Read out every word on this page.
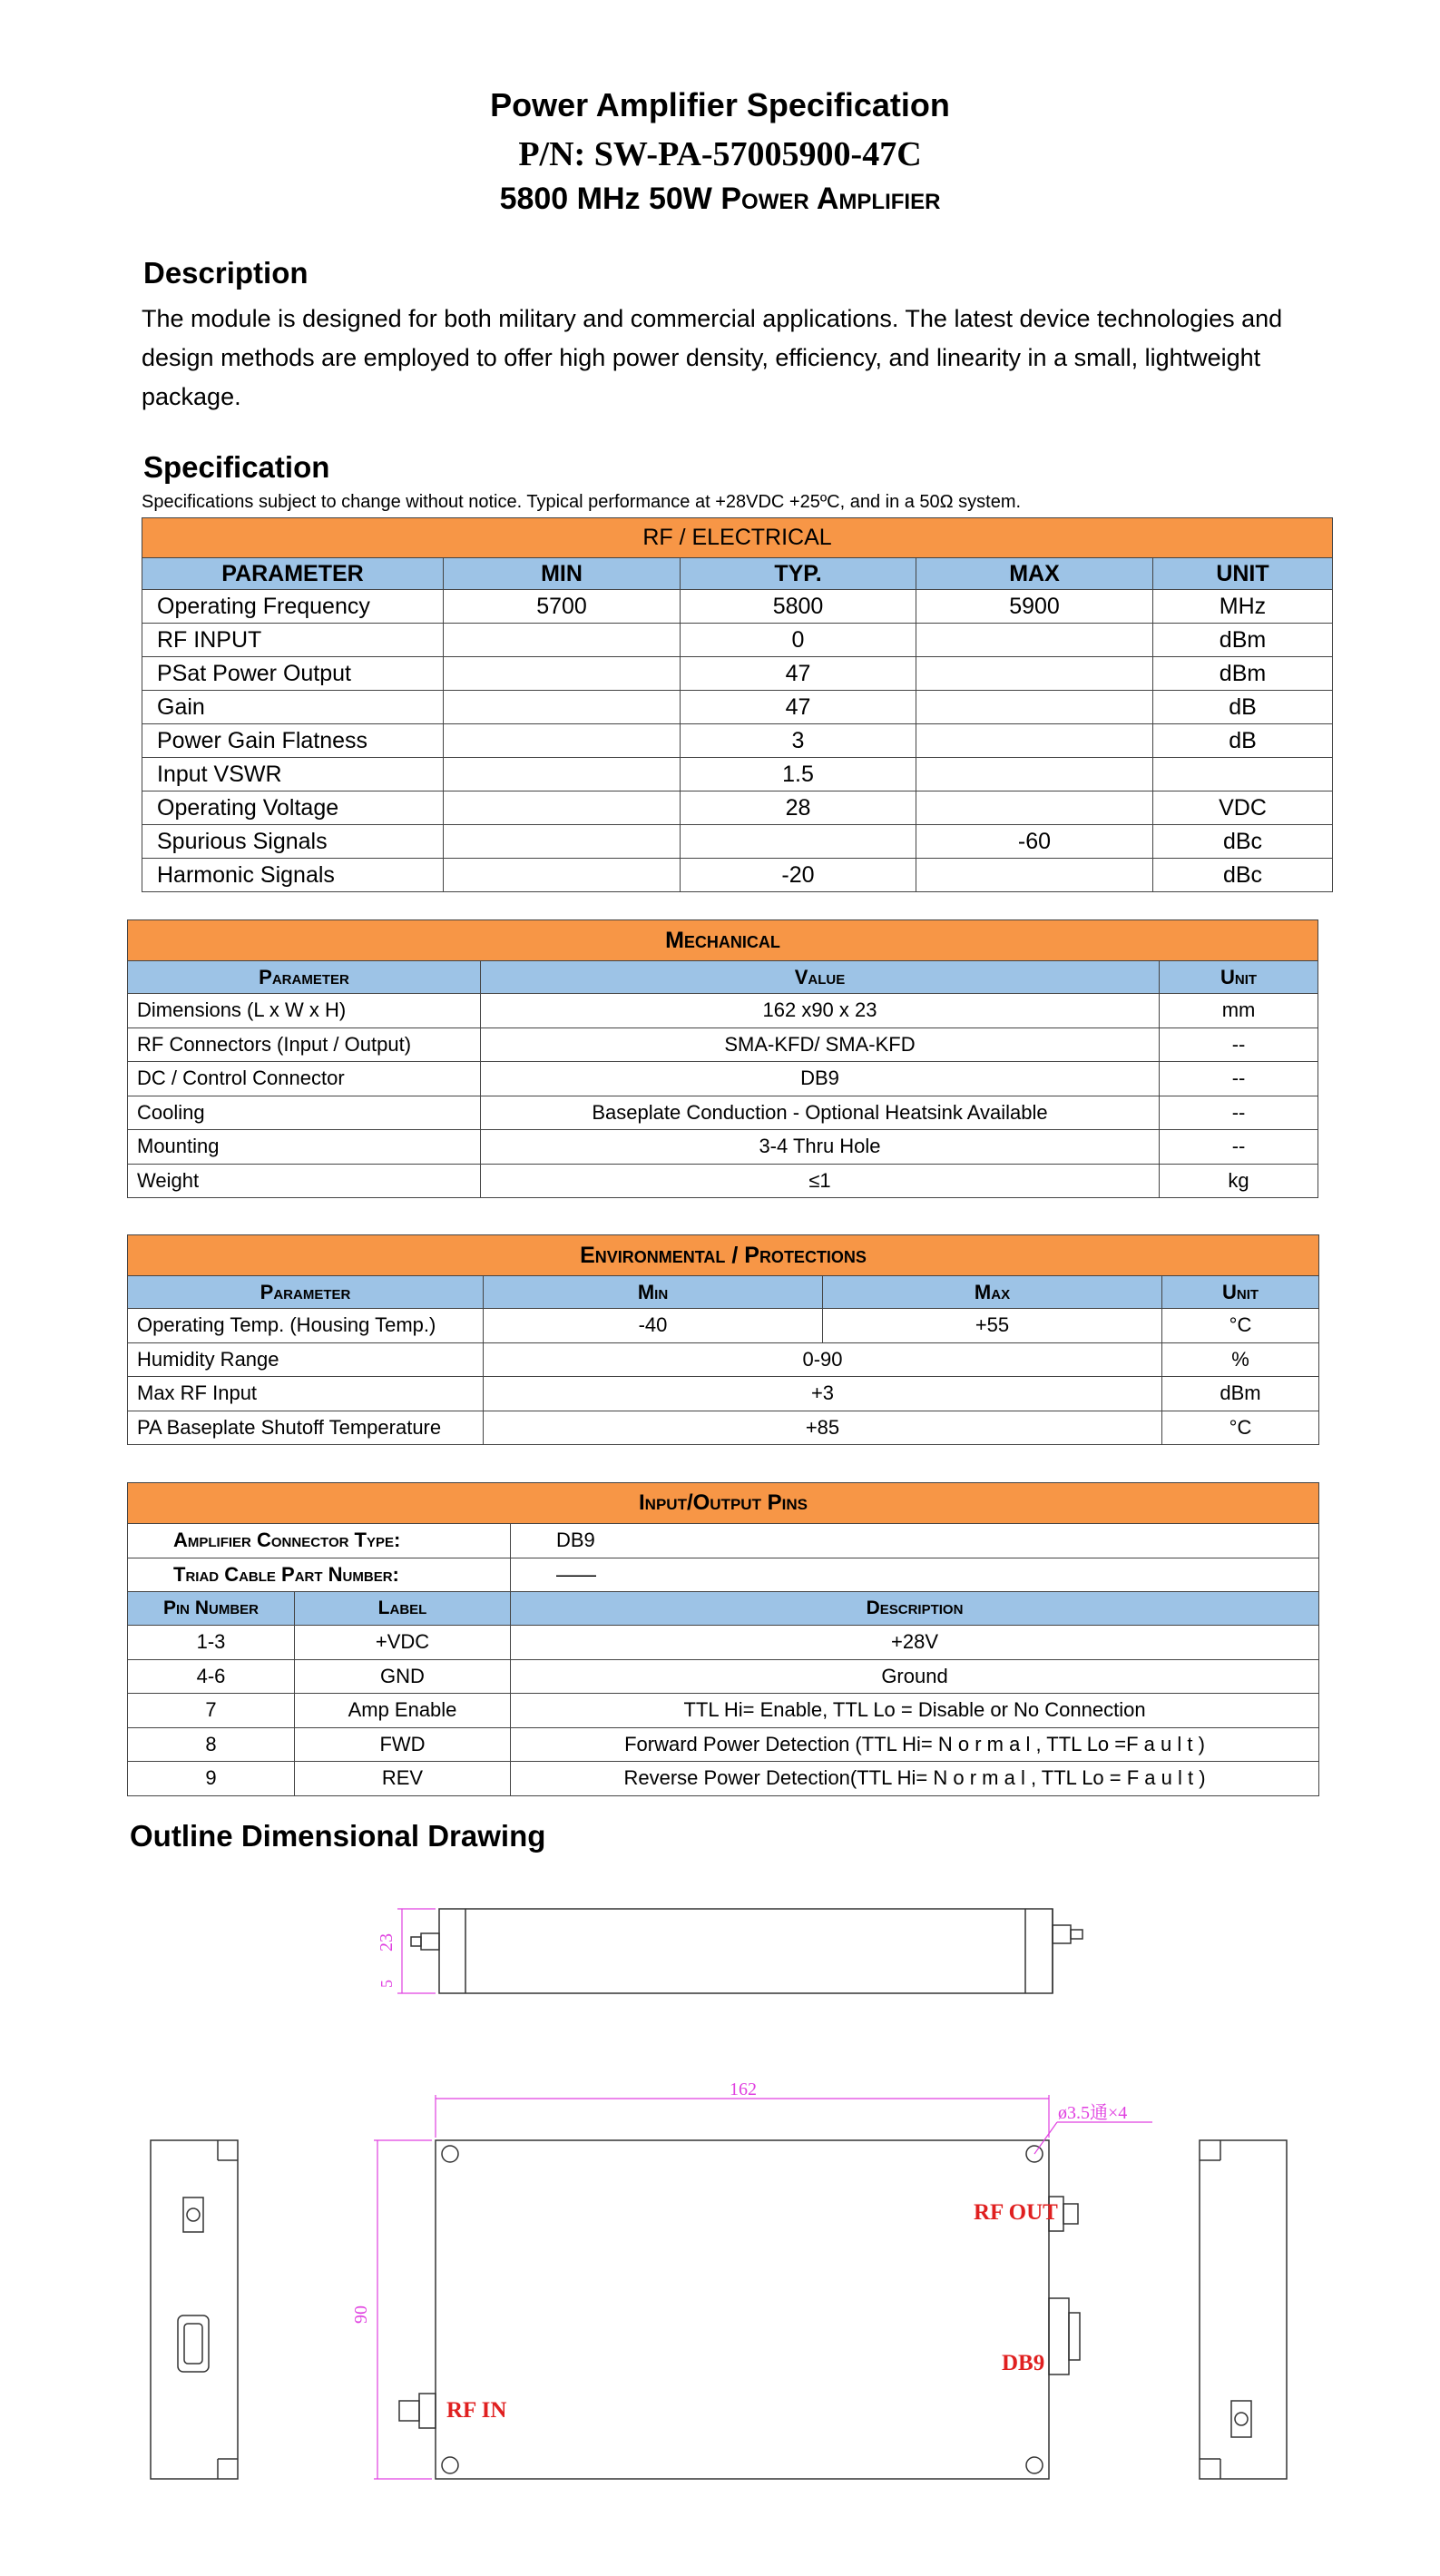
Power Amplifier Specification
P/N: SW-PA-57005900-47C
5800 MHz 50W Power Amplifier
Description
The module is designed for both military and commercial applications. The latest device technologies and
design methods are employed to offer high power density, efficiency, and linearity in a small, lightweight
package.
Specification
Specifications subject to change without notice. Typical performance at +28VDC +25ºC, and in a 50Ω system.
RF / ELECTRICAL				
PARAMETER	MIN	TYP.	MAX	UNIT
Operating Frequency	5700	5800	5900	MHz
RF INPUT		0		dBm
PSat Power Output		47		dBm
Gain		47		dB
Power Gain Flatness		3		dB
Input VSWR		1.5		
Operating Voltage		28		VDC
Spurious Signals			-60	dBc
Harmonic Signals		-20		dBc
Mechanical		
Parameter	Value	Unit
Dimensions (L x W x H)	162 x90 x 23	mm
RF Connectors (Input / Output)	SMA-KFD/ SMA-KFD	--
DC / Control Connector	DB9	--
Cooling	Baseplate Conduction - Optional Heatsink Available	--
Mounting	3-4 Thru Hole	--
Weight	≤1	kg
Environmental / Protections			
Parameter	Min	Max	Unit
Operating Temp. (Housing Temp.)	-40	+55	°C
Humidity Range	0-90		%
Max RF Input	+3		dBm
PA Baseplate Shutoff Temperature	+85		°C
Input/Output Pins		
Amplifier Connector Type:		DB9
Triad Cable Part Number:		——
Pin Number	Label	Description
1-3	+VDC	+28V
4-6	GND	Ground
7	Amp Enable	TTL Hi= Enable, TTL Lo = Disable or No Connection
8	FWD	Forward Power Detection (TTL Hi= N o r m a l , TTL Lo =F a u l t )
9	REV	Reverse Power Detection(TTL Hi= N o r m a l , TTL Lo = F a u l t )
Outline Dimensional Drawing
23
5
162
90
ø3.5通×4
RF OUT
DB9
RF IN
